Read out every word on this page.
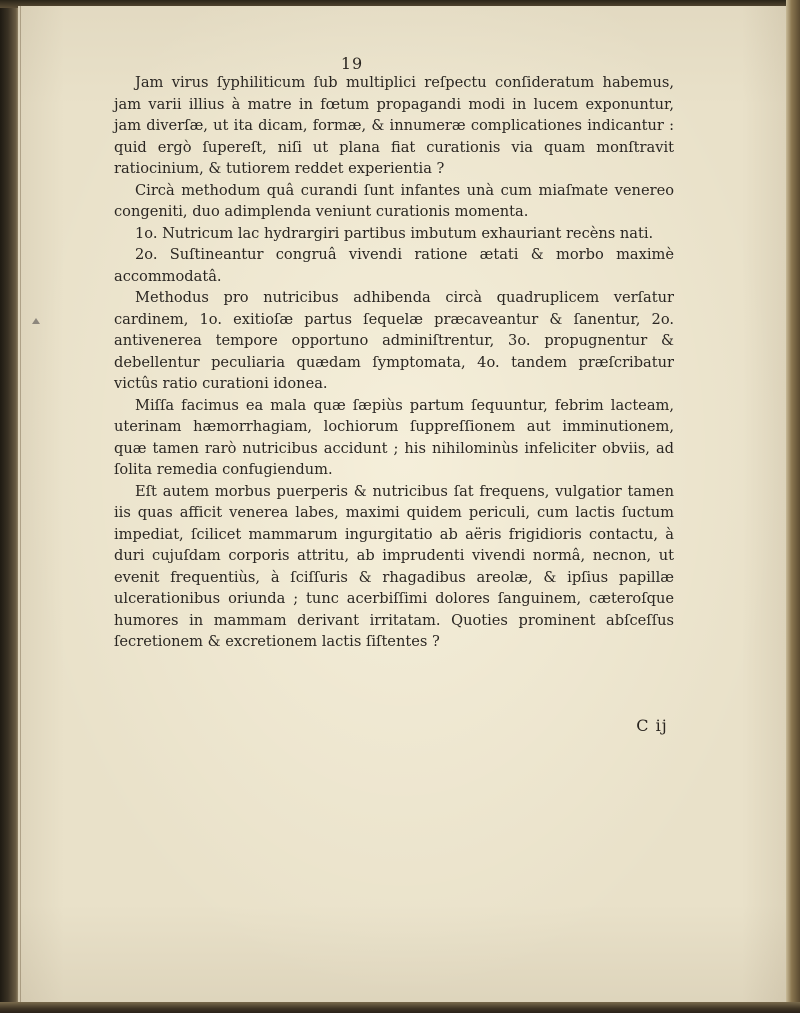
19

Jam virus ſyphiliticum ſub multiplici reſpectu conſideratum habemus, jam varii illius à matre in fœtum propagandi modi in lucem exponuntur, jam diverſæ, ut ita dicam, formæ, & innumeræ complicationes indicantur : quid ergò ſupereſt, niſi ut plana fiat curationis via quam monſtravit ratiocinium, & tutiorem reddet experientia ?

Circà methodum quâ curandi ſunt infantes unà cum miaſmate venereo congeniti, duo adimplenda veniunt curationis momenta.

1o. Nutricum lac hydrargiri partibus imbutum exhauriant recèns nati.

2o. Suſtineantur congruâ vivendi ratione ætati & morbo maximè accommodatâ.

Methodus pro nutricibus adhibenda circà quadruplicem verſatur cardinem, 1o. exitioſæ partus ſequelæ præcaveantur & ſanentur, 2o. antivenerea tempore opportuno adminiſtrentur, 3o. propugnentur & debellentur peculiaria quædam ſymptomata, 4o. tandem præſcribatur victûs ratio curationi idonea.

Miſſa facimus ea mala quæ ſæpiùs partum ſequuntur, febrim lacteam, uterinam hæmorrhagiam, lochiorum ſuppreſſionem aut imminutionem, quæ tamen rarò nutricibus accidunt ; his nihilominùs infeliciter obviis, ad ſolita remedia confugiendum.

Eſt autem morbus puerperis & nutricibus ſat frequens, vulgatior tamen iis quas afficit venerea labes, maximi quidem periculi, cum lactis ſuctum impediat, ſcilicet mammarum ingurgitatio ab aëris frigidioris contactu, à duri cujuſdam corporis attritu, ab imprudenti vivendi normâ, necnon, ut evenit frequentiùs, à ſciſſuris & rhagadibus areolæ, & ipſius papillæ ulcerationibus oriunda ; tunc acerbiſſimi dolores ſanguinem, cæteroſque humores in mammam derivant irritatam. Quoties prominent abſceſſus ſecretionem & excretionem lactis ſiſtentes ?

C ij
